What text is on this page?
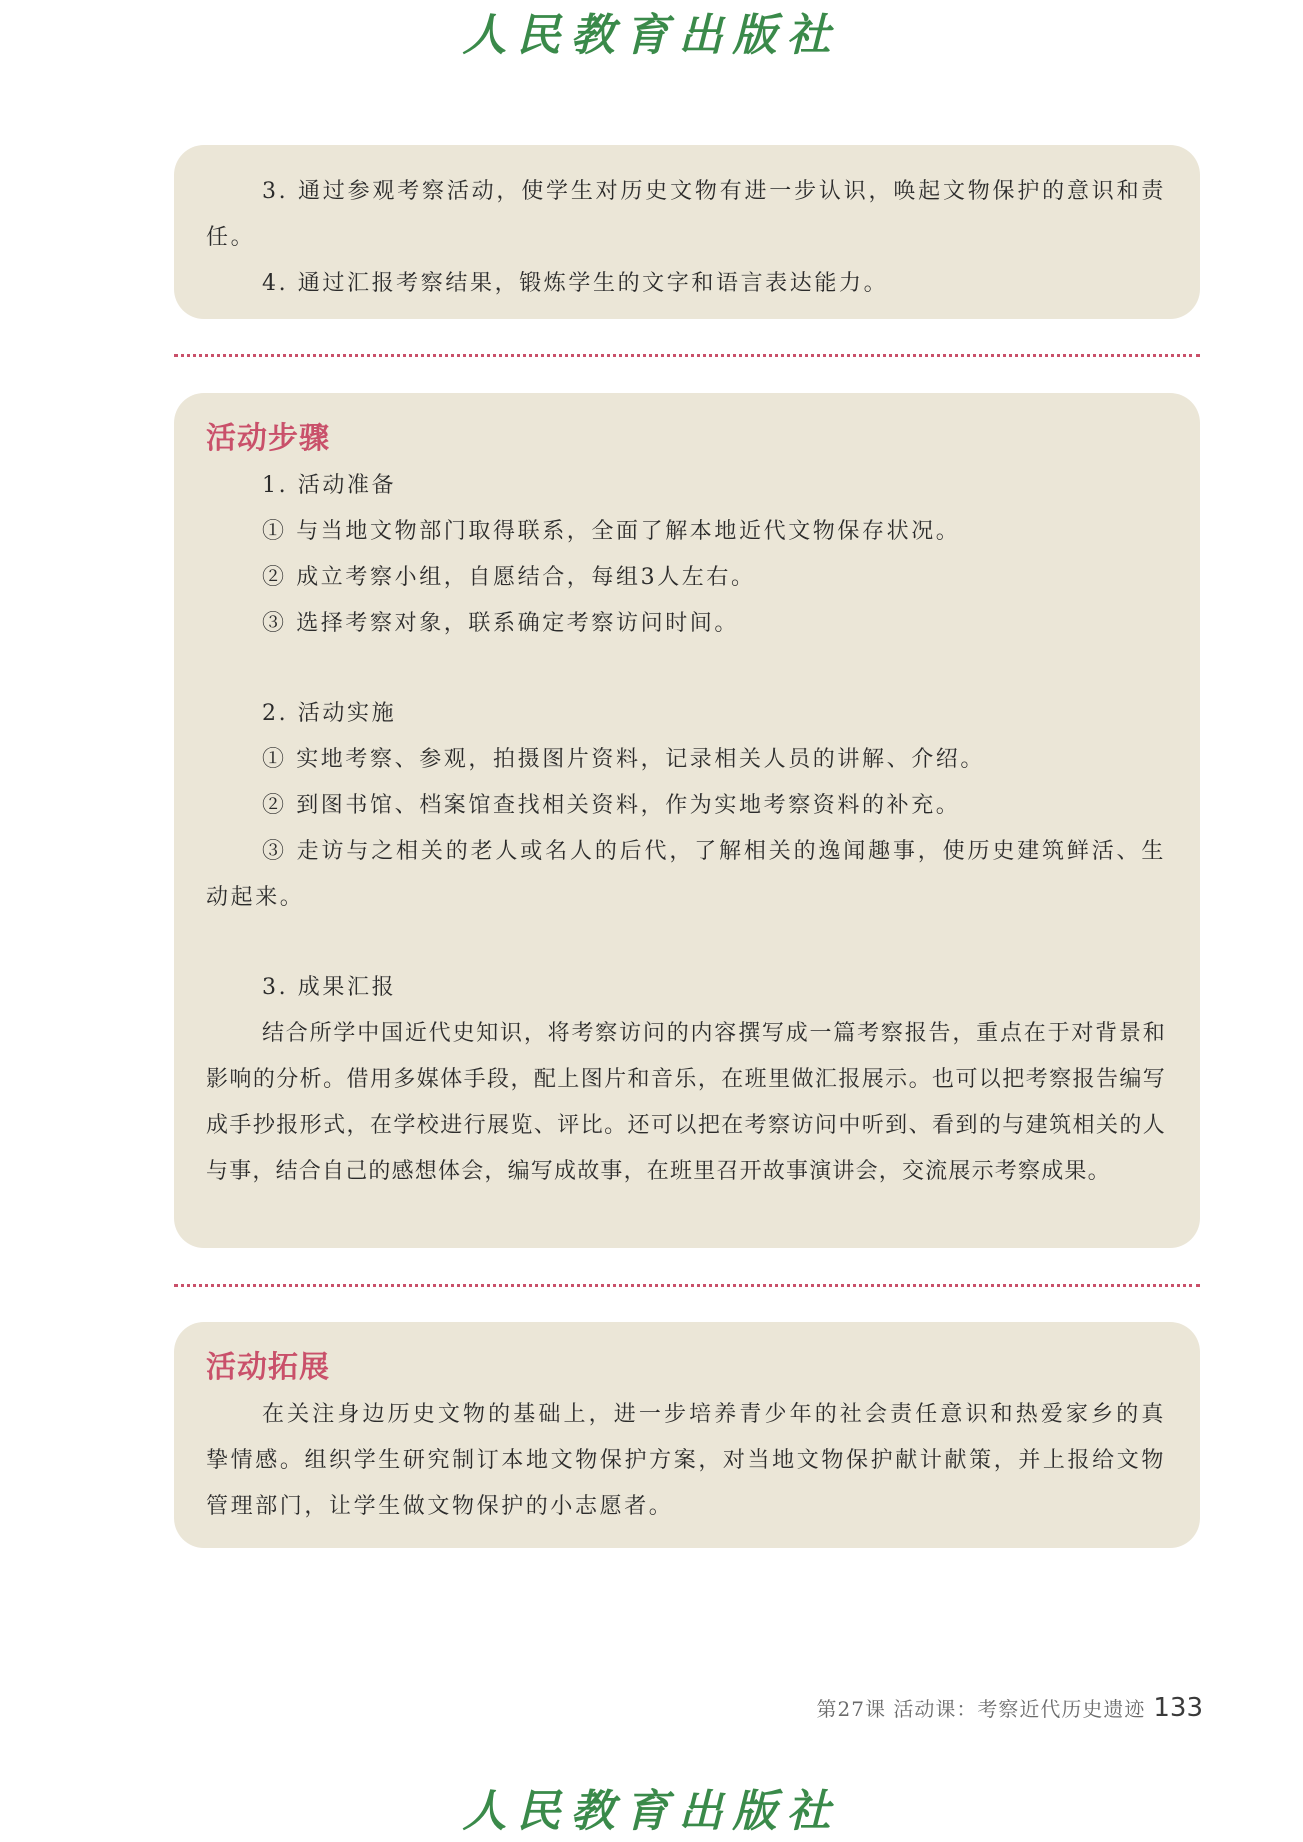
人民教育出版社

3. 通过参观考察活动，使学生对历史文物有进一步认识，唤起文物保护的意识和责任。

4. 通过汇报考察结果，锻炼学生的文字和语言表达能力。

活动步骤

1. 活动准备

① 与当地文物部门取得联系，全面了解本地近代文物保存状况。

② 成立考察小组，自愿结合，每组3人左右。

③ 选择考察对象，联系确定考察访问时间。

2. 活动实施

① 实地考察、参观，拍摄图片资料，记录相关人员的讲解、介绍。

② 到图书馆、档案馆查找相关资料，作为实地考察资料的补充。

③ 走访与之相关的老人或名人的后代，了解相关的逸闻趣事，使历史建筑鲜活、生动起来。

3. 成果汇报

结合所学中国近代史知识，将考察访问的内容撰写成一篇考察报告，重点在于对背景和影响的分析。借用多媒体手段，配上图片和音乐，在班里做汇报展示。也可以把考察报告编写成手抄报形式，在学校进行展览、评比。还可以把在考察访问中听到、看到的与建筑相关的人与事，结合自己的感想体会，编写成故事，在班里召开故事演讲会，交流展示考察成果。

活动拓展

在关注身边历史文物的基础上，进一步培养青少年的社会责任意识和热爱家乡的真挚情感。组织学生研究制订本地文物保护方案，对当地文物保护献计献策，并上报给文物管理部门，让学生做文物保护的小志愿者。

第27课 活动课：考察近代历史遗迹 133
人民教育出版社
